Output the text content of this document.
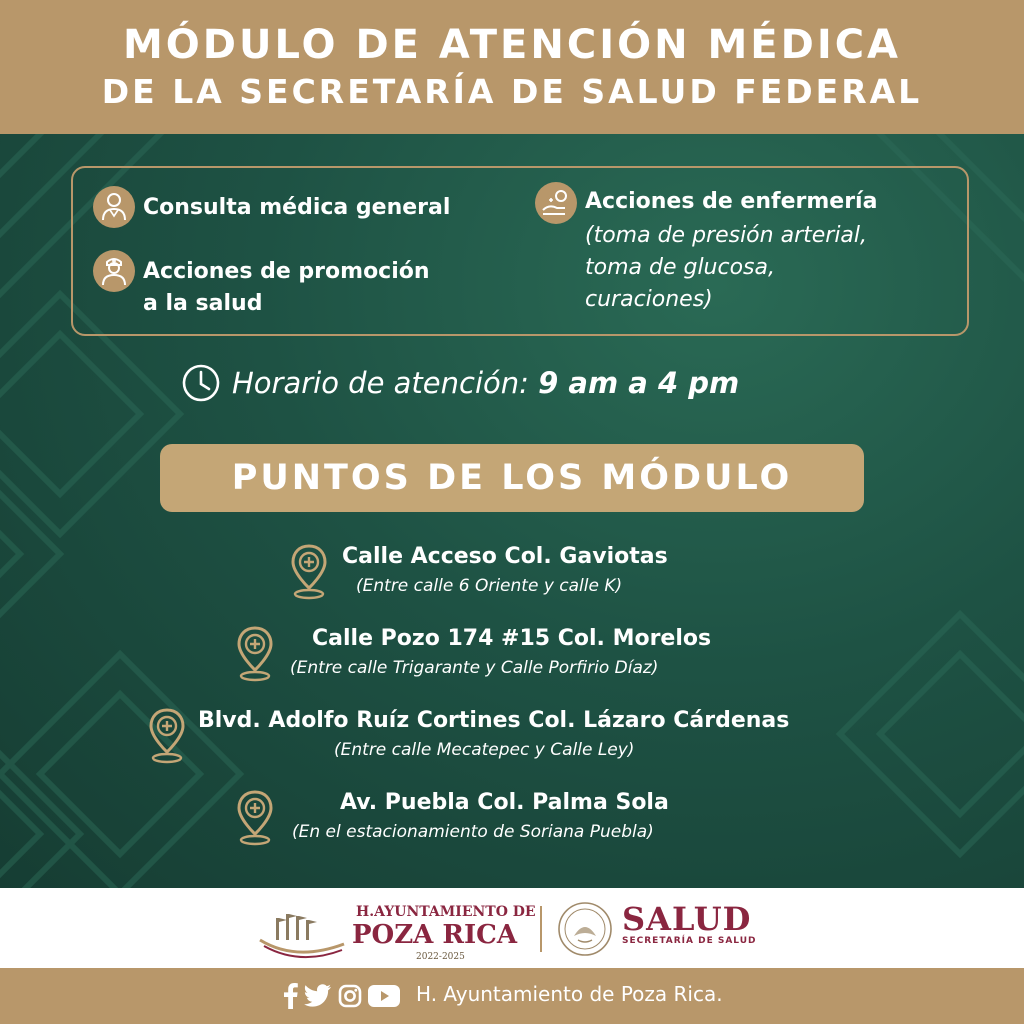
MÓDULO DE ATENCIÓN MÉDICA
DE LA SECRETARÍA DE SALUD FEDERAL
Consulta médica general
Acciones de promoción
a la salud
Acciones de enfermería
(toma de presión arterial,
toma de glucosa,
curaciones)
Horario de atención: 9 am a 4 pm
PUNTOS DE LOS MÓDULO
Calle Acceso Col. Gaviotas
(Entre calle 6 Oriente y calle K)
Calle Pozo 174 #15 Col. Morelos
(Entre calle Trigarante y Calle Porfirio Díaz)
Blvd. Adolfo Ruíz Cortines Col. Lázaro Cárdenas
(Entre calle Mecatepec y Calle Ley)
Av. Puebla Col. Palma Sola
(En el estacionamiento de Soriana Puebla)
H.AYUNTAMIENTO DE
POZA RICA
2022-2025
SALUD
SECRETARÍA DE SALUD
H. Ayuntamiento de Poza Rica.
